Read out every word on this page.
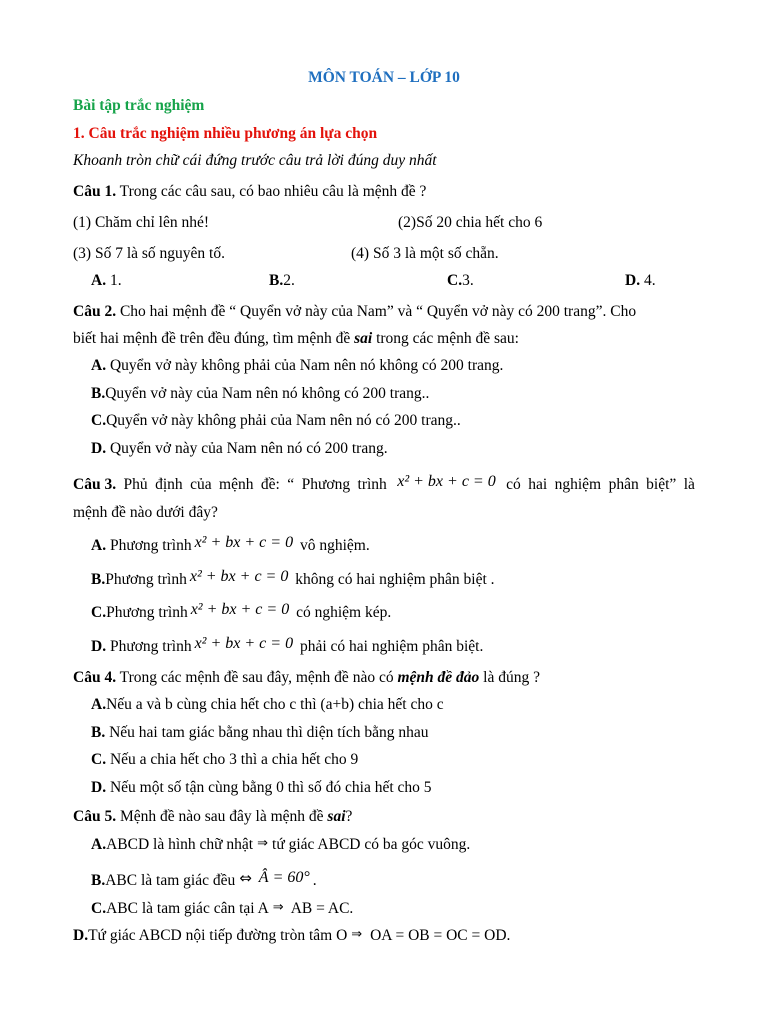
MÔN TOÁN – LỚP 10
Bài tập trắc nghiệm
1. Câu trắc nghiệm nhiều phương án lựa chọn
Khoanh tròn chữ cái đứng trước câu trả lời đúng duy nhất
Câu 1. Trong các câu sau, có bao nhiêu câu là mệnh đề ?
(1) Chăm chỉ lên nhé!	(2)Số 20 chia hết cho 6
(3) Số 7 là số nguyên tố.	(4) Số 3 là một số chẵn.
A. 1.	B.2.	C.3.	D. 4.
Câu 2. Cho hai mệnh đề “ Quyển vở này của Nam” và “ Quyển vở này có 200 trang”. Cho
biết hai mệnh đề trên đều đúng, tìm mệnh đề sai trong các mệnh đề sau:
A. Quyển vở này không phải của Nam nên nó không có 200 trang.
B.Quyển vở này của Nam nên nó không có 200 trang..
C.Quyển vở này không phải của Nam nên nó có 200 trang..
D. Quyển vở này của Nam nên nó có 200 trang.
Câu 3. Phủ định của mệnh đề: “ Phương trình x² + bx + c = 0 có hai nghiệm phân biệt” là
mệnh đề nào dưới đây?
A. Phương trình x² + bx + c = 0 vô nghiệm.
B.Phương trình x² + bx + c = 0 không có hai nghiệm phân biệt .
C.Phương trình x² + bx + c = 0 có nghiệm kép.
D. Phương trình x² + bx + c = 0 phải có hai nghiệm phân biệt.
Câu 4. Trong các mệnh đề sau đây, mệnh đề nào có mệnh đề đảo là đúng ?
A.Nếu a và b cùng chia hết cho c thì (a+b) chia hết cho c
B. Nếu hai tam giác bằng nhau thì diện tích bằng nhau
C. Nếu a chia hết cho 3 thì a chia hết cho 9
D. Nếu một số tận cùng bằng 0 thì số đó chia hết cho 5
Câu 5. Mệnh đề nào sau đây là mệnh đề sai?
A.ABCD là hình chữ nhật ⇒ tứ giác ABCD có ba góc vuông.
B.ABC là tam giác đều ⇔ Â = 60° .
C.ABC là tam giác cân tại A ⇒ AB = AC.
D.Tứ giác ABCD nội tiếp đường tròn tâm O ⇒ OA = OB = OC = OD.
